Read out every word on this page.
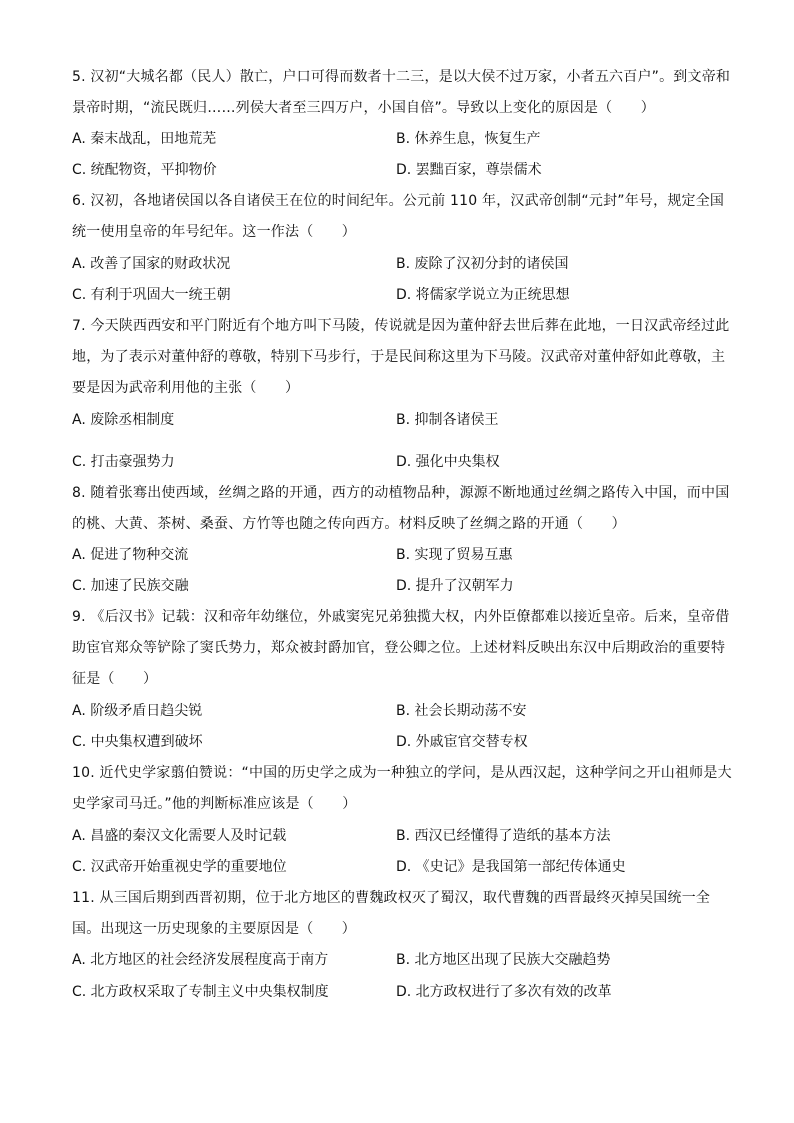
5. 汉初“大城名都（民人）散亡，户口可得而数者十二三，是以大侯不过万家，小者五六百户”。到文帝和景帝时期，“流民既归……列侯大者至三四万户，小国自倍”。导致以上变化的原因是（　　）

A. 秦末战乱，田地荒芜	B. 休养生息，恢复生产

C. 统配物资，平抑物价	D. 罢黜百家，尊崇儒术

6. 汉初，各地诸侯国以各自诸侯王在位的时间纪年。公元前 110 年，汉武帝创制“元封”年号，规定全国统一使用皇帝的年号纪年。这一作法（　　）

A. 改善了国家的财政状况	B. 废除了汉初分封的诸侯国

C. 有利于巩固大一统王朝	D. 将儒家学说立为正统思想

7. 今天陕西西安和平门附近有个地方叫下马陵，传说就是因为董仲舒去世后葬在此地，一日汉武帝经过此地，为了表示对董仲舒的尊敬，特别下马步行，于是民间称这里为下马陵。汉武帝对董仲舒如此尊敬，主要是因为武帝利用他的主张（　　）

A. 废除丞相制度	B. 抑制各诸侯王

C. 打击豪强势力	D. 强化中央集权

8. 随着张骞出使西域，丝绸之路的开通，西方的动植物品种，源源不断地通过丝绸之路传入中国，而中国的桃、大黄、茶树、桑蚕、方竹等也随之传向西方。材料反映了丝绸之路的开通（　　）

A. 促进了物种交流	B. 实现了贸易互惠

C. 加速了民族交融	D. 提升了汉朝军力

9. 《后汉书》记载：汉和帝年幼继位，外戚窦宪兄弟独揽大权，内外臣僚都难以接近皇帝。后来，皇帝借助宦官郑众等铲除了窦氏势力，郑众被封爵加官，登公卿之位。上述材料反映出东汉中后期政治的重要特征是（　　）

A. 阶级矛盾日趋尖锐	B. 社会长期动荡不安

C. 中央集权遭到破坏	D. 外戚宦官交替专权

10. 近代史学家翦伯赞说：“中国的历史学之成为一种独立的学问，是从西汉起，这种学问之开山祖师是大史学家司马迁。”他的判断标准应该是（　　）

A. 昌盛的秦汉文化需要人及时记载	B. 西汉已经懂得了造纸的基本方法

C. 汉武帝开始重视史学的重要地位	D. 《史记》是我国第一部纪传体通史

11. 从三国后期到西晋初期，位于北方地区的曹魏政权灭了蜀汉，取代曹魏的西晋最终灭掉吴国统一全国。出现这一历史现象的主要原因是（　　）

A. 北方地区的社会经济发展程度高于南方	B. 北方地区出现了民族大交融趋势

C. 北方政权采取了专制主义中央集权制度	D. 北方政权进行了多次有效的改革
